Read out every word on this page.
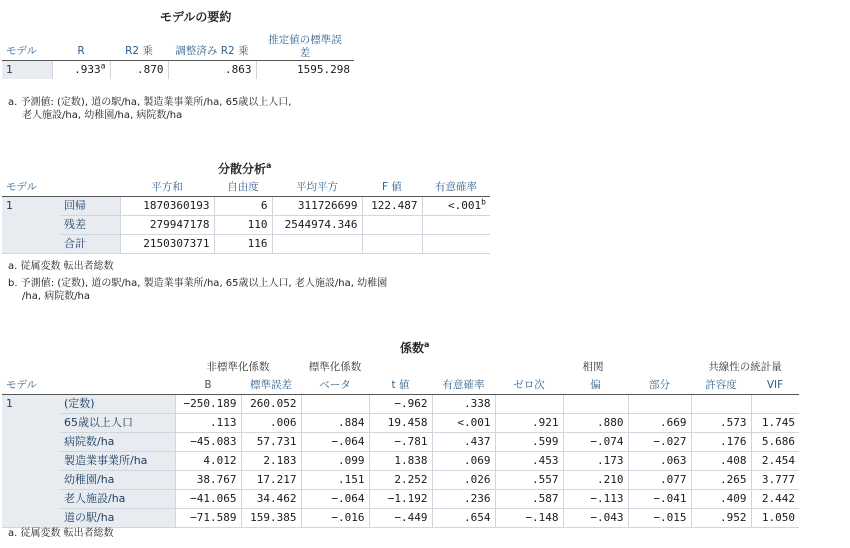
モデルの要約
モデル	R	R2 乗	調整済み R2 乗	推定値の標準誤
差
1	.933$^a$	.870	.863	1595.298
a. 予測値: (定数), 道の駅/ha, 製造業事業所/ha, 65歳以上人口,
老人施設/ha, 幼稚園/ha, 病院数/ha
分散分析$^a$
モデル		平方和	自由度	平均平方	F 値	有意確率
1	回帰	1870360193	6	311726699	122.487	<.001$^b$
	残差	279947178	110	2544974.346		
	合計	2150307371	116			
a. 従属変数 転出者総数
b. 予測値: (定数), 道の駅/ha, 製造業事業所/ha, 65歳以上人口, 老人施設/ha, 幼稚園
/ha, 病院数/ha
係数$^a$
		非標準化係数		標準化係数			相関			共線性の統計量	
モデル		B	標準誤差	ベータ	t 値	有意確率	ゼロ次	偏	部分	許容度	VIF
1	(定数)	−250.189	260.052		−.962	.338					
	65歳以上人口	.113	.006	.884	19.458	<.001	.921	.880	.669	.573	1.745
	病院数/ha	−45.083	57.731	−.064	−.781	.437	.599	−.074	−.027	.176	5.686
	製造業事業所/ha	4.012	2.183	.099	1.838	.069	.453	.173	.063	.408	2.454
	幼稚園/ha	38.767	17.217	.151	2.252	.026	.557	.210	.077	.265	3.777
	老人施設/ha	−41.065	34.462	−.064	−1.192	.236	.587	−.113	−.041	.409	2.442
	道の駅/ha	−71.589	159.385	−.016	−.449	.654	−.148	−.043	−.015	.952	1.050
a. 従属変数 転出者総数
